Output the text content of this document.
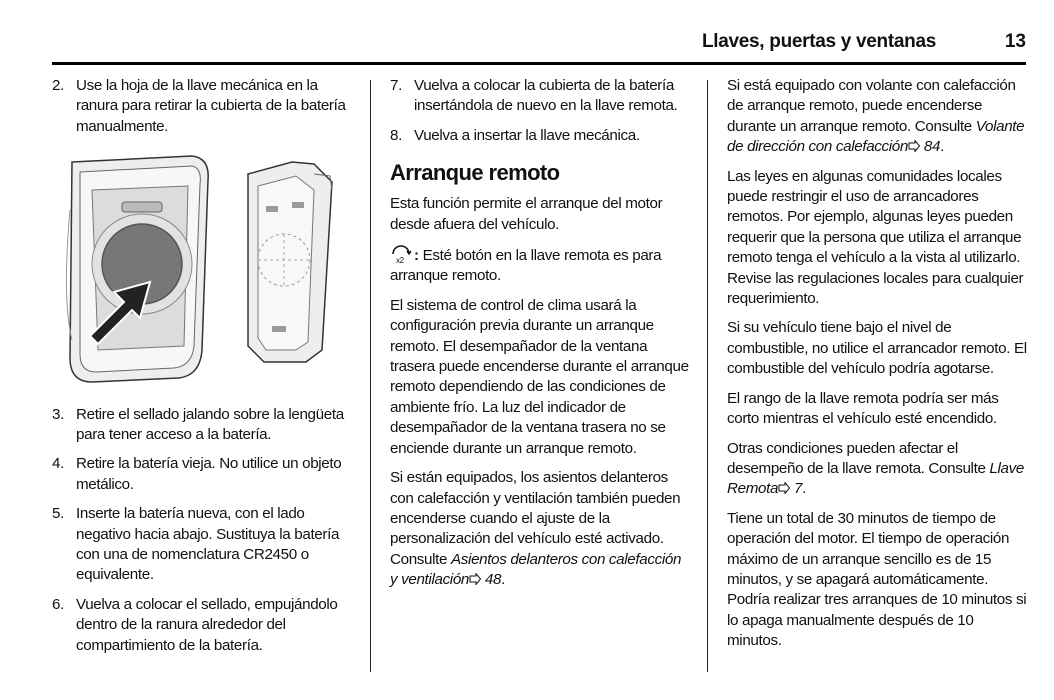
Llaves, puertas y ventanas	13
2. Use la hoja de la llave mecánica en la ranura para retirar la cubierta de la batería manualmente.
3. Retire el sellado jalando sobre la lengüeta para tener acceso a la batería.
4. Retire la batería vieja. No utilice un objeto metálico.
5. Inserte la batería nueva, con el lado negativo hacia abajo. Sustituya la batería con una de nomenclatura CR2450 o equivalente.
6. Vuelva a colocar el sellado, empujándolo dentro de la ranura alrededor del compartimiento de la batería.
7. Vuelva a colocar la cubierta de la batería insertándola de nuevo en la llave remota.
8. Vuelva a insertar la llave mecánica.
Arranque remoto

Esta función permite el arranque del motor desde afuera del vehículo.

x2 : Esté botón en la llave remota es para arranque remoto.

El sistema de control de clima usará la configuración previa durante un arranque remoto. El desempañador de la ventana trasera puede encenderse durante el arranque remoto dependiendo de las condiciones de ambiente frío. La luz del indicador de desempañador de la ventana trasera no se enciende durante un arranque remoto.

Si están equipados, los asientos delanteros con calefacción y ventilación también pueden encenderse cuando el ajuste de la personalización del vehículo esté activado. Consulte Asientos delanteros con calefacción y ventilación 48.

Si está equipado con volante con calefacción de arranque remoto, puede encenderse durante un arranque remoto. Consulte Volante de dirección con calefacción 84.

Las leyes en algunas comunidades locales puede restringir el uso de arrancadores remotos. Por ejemplo, algunas leyes pueden requerir que la persona que utiliza el arranque remoto tenga el vehículo a la vista al utilizarlo. Revise las regulaciones locales para cualquier requerimiento.

Si su vehículo tiene bajo el nivel de combustible, no utilice el arrancador remoto. El combustible del vehículo podría agotarse.

El rango de la llave remota podría ser más corto mientras el vehículo esté encendido.

Otras condiciones pueden afectar el desempeño de la llave remota. Consulte Llave Remota 7.

Tiene un total de 30 minutos de tiempo de operación del motor. El tiempo de operación máximo de un arranque sencillo es de 15 minutos, y se apagará automáticamente. Podría realizar tres arranques de 10 minutos si lo apaga manualmente después de 10 minutos.
